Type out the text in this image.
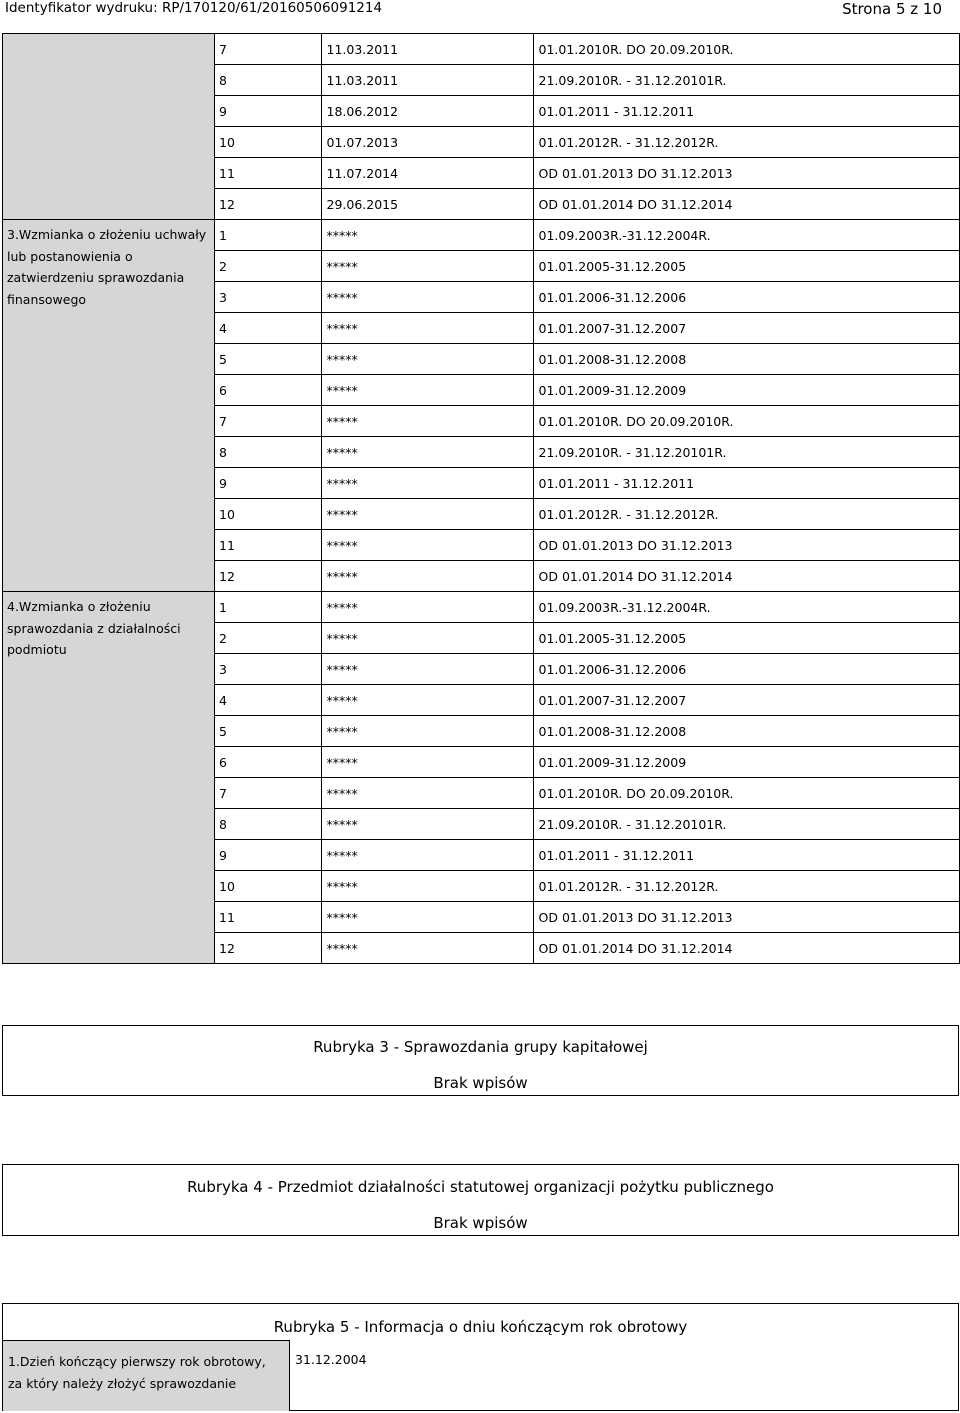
Identyfikator wydruku: RP/170120/61/20160506091214	Strona 5 z 10

7	11.03.2011	01.01.2010R. DO 20.09.2010R.
8	11.03.2011	21.09.2010R. - 31.12.20101R.
9	18.06.2012	01.01.2011 - 31.12.2011
10	01.07.2013	01.01.2012R. - 31.12.2012R.
11	11.07.2014	OD 01.01.2013 DO 31.12.2013
12	29.06.2015	OD 01.01.2014 DO 31.12.2014

3.Wzmianka o złożeniu uchwały lub postanowienia o zatwierdzeniu sprawozdania finansowego

1	*****	01.09.2003R.-31.12.2004R.
2	*****	01.01.2005-31.12.2005
3	*****	01.01.2006-31.12.2006
4	*****	01.01.2007-31.12.2007
5	*****	01.01.2008-31.12.2008
6	*****	01.01.2009-31.12.2009
7	*****	01.01.2010R. DO 20.09.2010R.
8	*****	21.09.2010R. - 31.12.20101R.
9	*****	01.01.2011 - 31.12.2011
10	*****	01.01.2012R. - 31.12.2012R.
11	*****	OD 01.01.2013 DO 31.12.2013
12	*****	OD 01.01.2014 DO 31.12.2014

4.Wzmianka o złożeniu sprawozdania z działalności podmiotu

1	*****	01.09.2003R.-31.12.2004R.
2	*****	01.01.2005-31.12.2005
3	*****	01.01.2006-31.12.2006
4	*****	01.01.2007-31.12.2007
5	*****	01.01.2008-31.12.2008
6	*****	01.01.2009-31.12.2009
7	*****	01.01.2010R. DO 20.09.2010R.
8	*****	21.09.2010R. - 31.12.20101R.
9	*****	01.01.2011 - 31.12.2011
10	*****	01.01.2012R. - 31.12.2012R.
11	*****	OD 01.01.2013 DO 31.12.2013
12	*****	OD 01.01.2014 DO 31.12.2014
Rubryka 3 - Sprawozdania grupy kapitałowej
Brak wpisów
Rubryka 4 - Przedmiot działalności statutowej organizacji pożytku publicznego
Brak wpisów
Rubryka 5 - Informacja o dniu kończącym rok obrotowy
1.Dzień kończący pierwszy rok obrotowy,
za który należy złożyć sprawozdanie
31.12.2004
